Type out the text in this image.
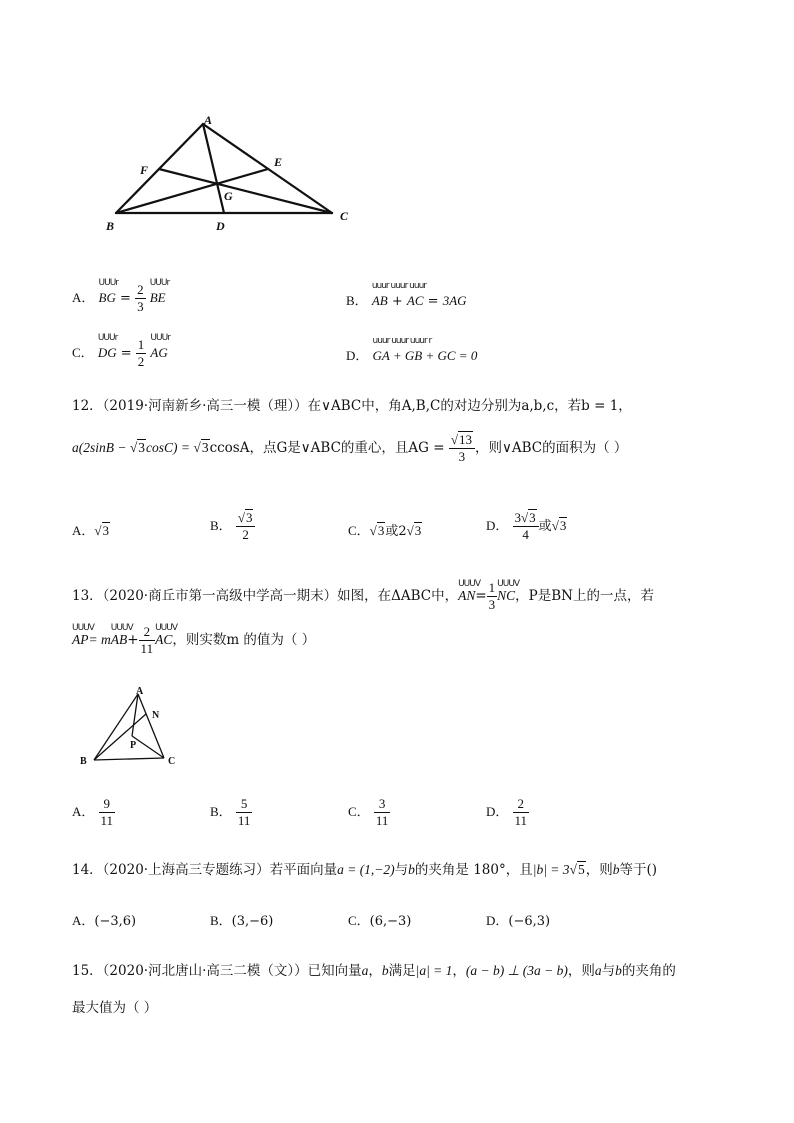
A
B
C
D
E
F
G
A．
UUUr
BG = $\frac{2}{3}$
UUUr
BE	B．
uuur uuur uuur
AB + AC = 3AG
C．
UUUr
DG = $\frac{1}{2}$
UUUr
AG	D．
uuur uuur uuur r
GA + GB + GC = 0
12．（2019·河南新乡·高三一模（理））在∨ABC中，角A,B,C的对边分别为a,b,c，若b = 1，
a(2sinB − √3cosC) = √3ccosA，点G是∨ABC的重心，且AG = $\frac{√13}{3}$ ，则∨ABC的面积为（ ）
A．√3	B． $\frac{√3}{2}$	C．√3或2√3	D． $\frac{3√3}{4}$ 或√3
13．（2020·商丘市第一高级中学高一期末）如图，在ΔABC中，
UUUV
$AN= \frac{1}{3}$ UUUV
NC，P是BN上的一点，若
UUUV
AP= m
UUUV
$AB+ \frac{2}{11}$ UUUV
AC，则实数m 的值为（ ）
A
N
P
B	C
A． $\frac{9}{11}$	B． $\frac{5}{11}$	C． $\frac{3}{11}$	D． $\frac{2}{11}$
14．（2020·上海高三专题练习）若平面向量a = (1,−2)与b的夹角是 180°，且|b| = 3√5，则b等于()
A．(−3,6)	B．(3,−6)	C．(6,−3)	D．(−6,3)
15．（2020·河北唐山·高三二模（文））已知向量a，b满足|a| = 1，(a − b) ⊥ (3a − b)，则a与b的夹角的
最大值为（ ）
